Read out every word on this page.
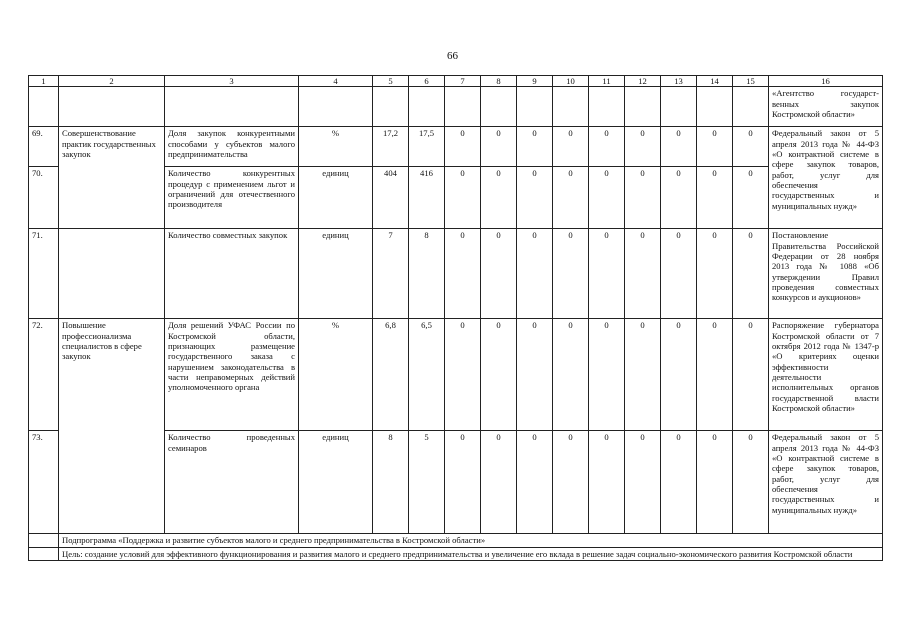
66
1	2	3	4	5	6	7	8	9	10	11	12	13	14	15	16
															«Агентство государст-венных закупок Костромской области»
69.	Совершенствование практик государственных закупок	Доля закупок конкурентными способами у субъектов малого предпринимательства	%	17,2	17,5	0	0	0	0	0	0	0	0	0	Федеральный закон от 5 апреля 2013 года № 44-ФЗ «О контрактной системе в сфере закупок товаров, работ, услуг для обеспечения государственных и муниципальных нужд»
70.		Количество конкурентных процедур с применением льгот и ограничений для отечественного производителя	единиц	404	416	0	0	0	0	0	0	0	0	0	
71.		Количество совместных закупок	единиц	7	8	0	0	0	0	0	0	0	0	0	Постановление Правительства Российской Федерации от 28 ноября 2013 года № 1088 «Об утверждении Правил проведения совместных конкурсов и аукционов»
72.	Повышение профессионализма специалистов в сфере закупок	Доля решений УФАС России по Костромской области, признающих размещение государственного заказа с нарушением законодательства в части неправомерных действий уполномоченного органа	%	6,8	6,5	0	0	0	0	0	0	0	0	0	Распоряжение губернатора Костромской области от 7 октября 2012 года № 1347-р «О критериях оценки эффективности деятельности исполнительных органов государственной власти Костромской области»
73.		Количество проведенных семинаров	единиц	8	5	0	0	0	0	0	0	0	0	0	Федеральный закон от 5 апреля 2013 года № 44-ФЗ «О контрактной системе в сфере закупок товаров, работ, услуг для обеспечения государственных и муниципальных нужд»
	Подпрограмма «Поддержка и развитие субъектов малого и среднего предпринимательства в Костромской области»														
	Цель: создание условий для эффективного функционирования и развития малого и среднего предпринимательства и увеличение его вклада в решение задач социально-экономического развития Костромской области														
